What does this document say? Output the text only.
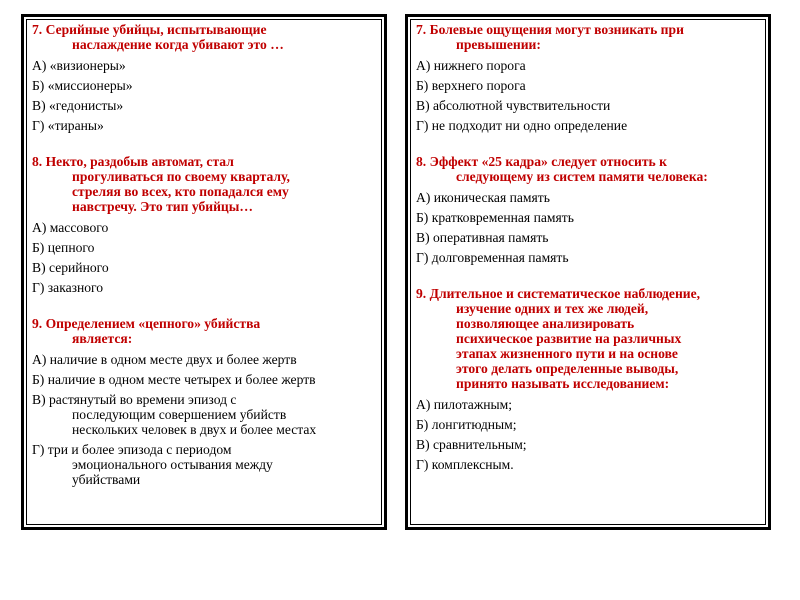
7. Серийные убийцы, испытывающие
наслаждение когда убивают это …
А) «визионеры»
Б) «миссионеры»
В) «гедонисты»
Г) «тираны»
8. Некто, раздобыв автомат, стал
прогуливаться по своему кварталу,
стреляя во всех, кто попадался ему
навстречу. Это тип убийцы…
А) массового
Б) цепного
В) серийного
Г) заказного
9. Определением «цепного» убийства
является:
А) наличие в одном месте двух и более жертв
Б) наличие в одном месте четырех и более жертв
В) растянутый во времени эпизод с
последующим совершением убийств
нескольких человек в двух и более местах
Г) три и более эпизода с периодом
эмоционального остывания между
убийствами
7. Болевые ощущения могут возникать при
превышении:
А) нижнего порога
Б) верхнего порога
В) абсолютной чувствительности
Г) не подходит ни одно определение
8. Эффект «25 кадра» следует относить к
следующему из систем памяти человека:
А) иконическая память
Б) кратковременная память
В) оперативная память
Г) долговременная память
9. Длительное и систематическое наблюдение,
изучение одних и тех же людей,
позволяющее анализировать
психическое развитие на различных
этапах жизненного пути и на основе
этого делать определенные выводы,
принято называть исследованием:
А) пилотажным;
Б) лонгитюдным;
В) сравнительным;
Г) комплексным.
